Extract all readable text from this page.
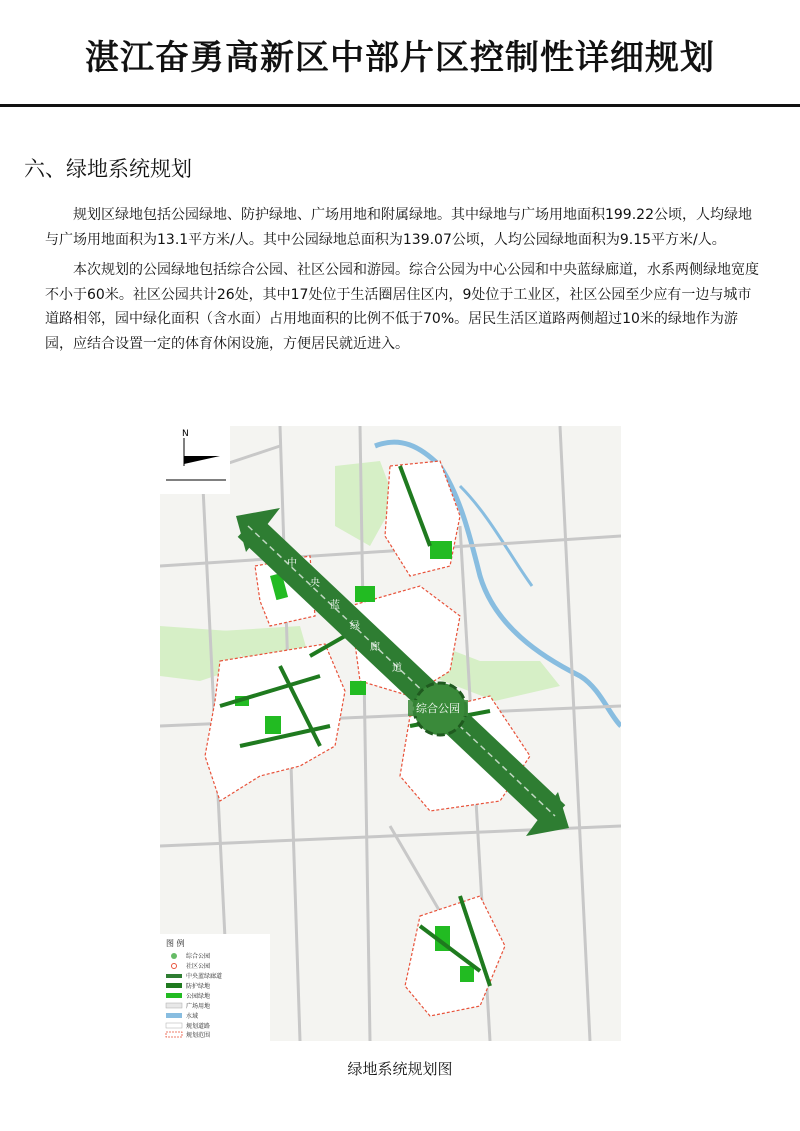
湛江奋勇高新区中部片区控制性详细规划
六、绿地系统规划
规划区绿地包括公园绿地、防护绿地、广场用地和附属绿地。其中绿地与广场用地面积199.22公顷，人均绿地与广场用地面积为13.1平方米/人。其中公园绿地总面积为139.07公顷，人均公园绿地面积为9.15平方米/人。
本次规划的公园绿地包括综合公园、社区公园和游园。综合公园为中心公园和中央蓝绿廊道，水系两侧绿地宽度不小于60米。社区公园共计26处，其中17处位于生活圈居住区内，9处位于工业区，社区公园至少应有一边与城市道路相邻，园中绿化面积（含水面）占用地面积的比例不低于70%。居民生活区道路两侧超过10米的绿地作为游园，应结合设置一定的体育休闲设施，方便居民就近进入。
中
央
蓝
绿
廊
道
综合公园
N
图 例
综合公园
社区公园
中央蓝绿廊道
防护绿地
公园绿地
广场用地
水域
规划道路
规划范围
绿地系统规划图
